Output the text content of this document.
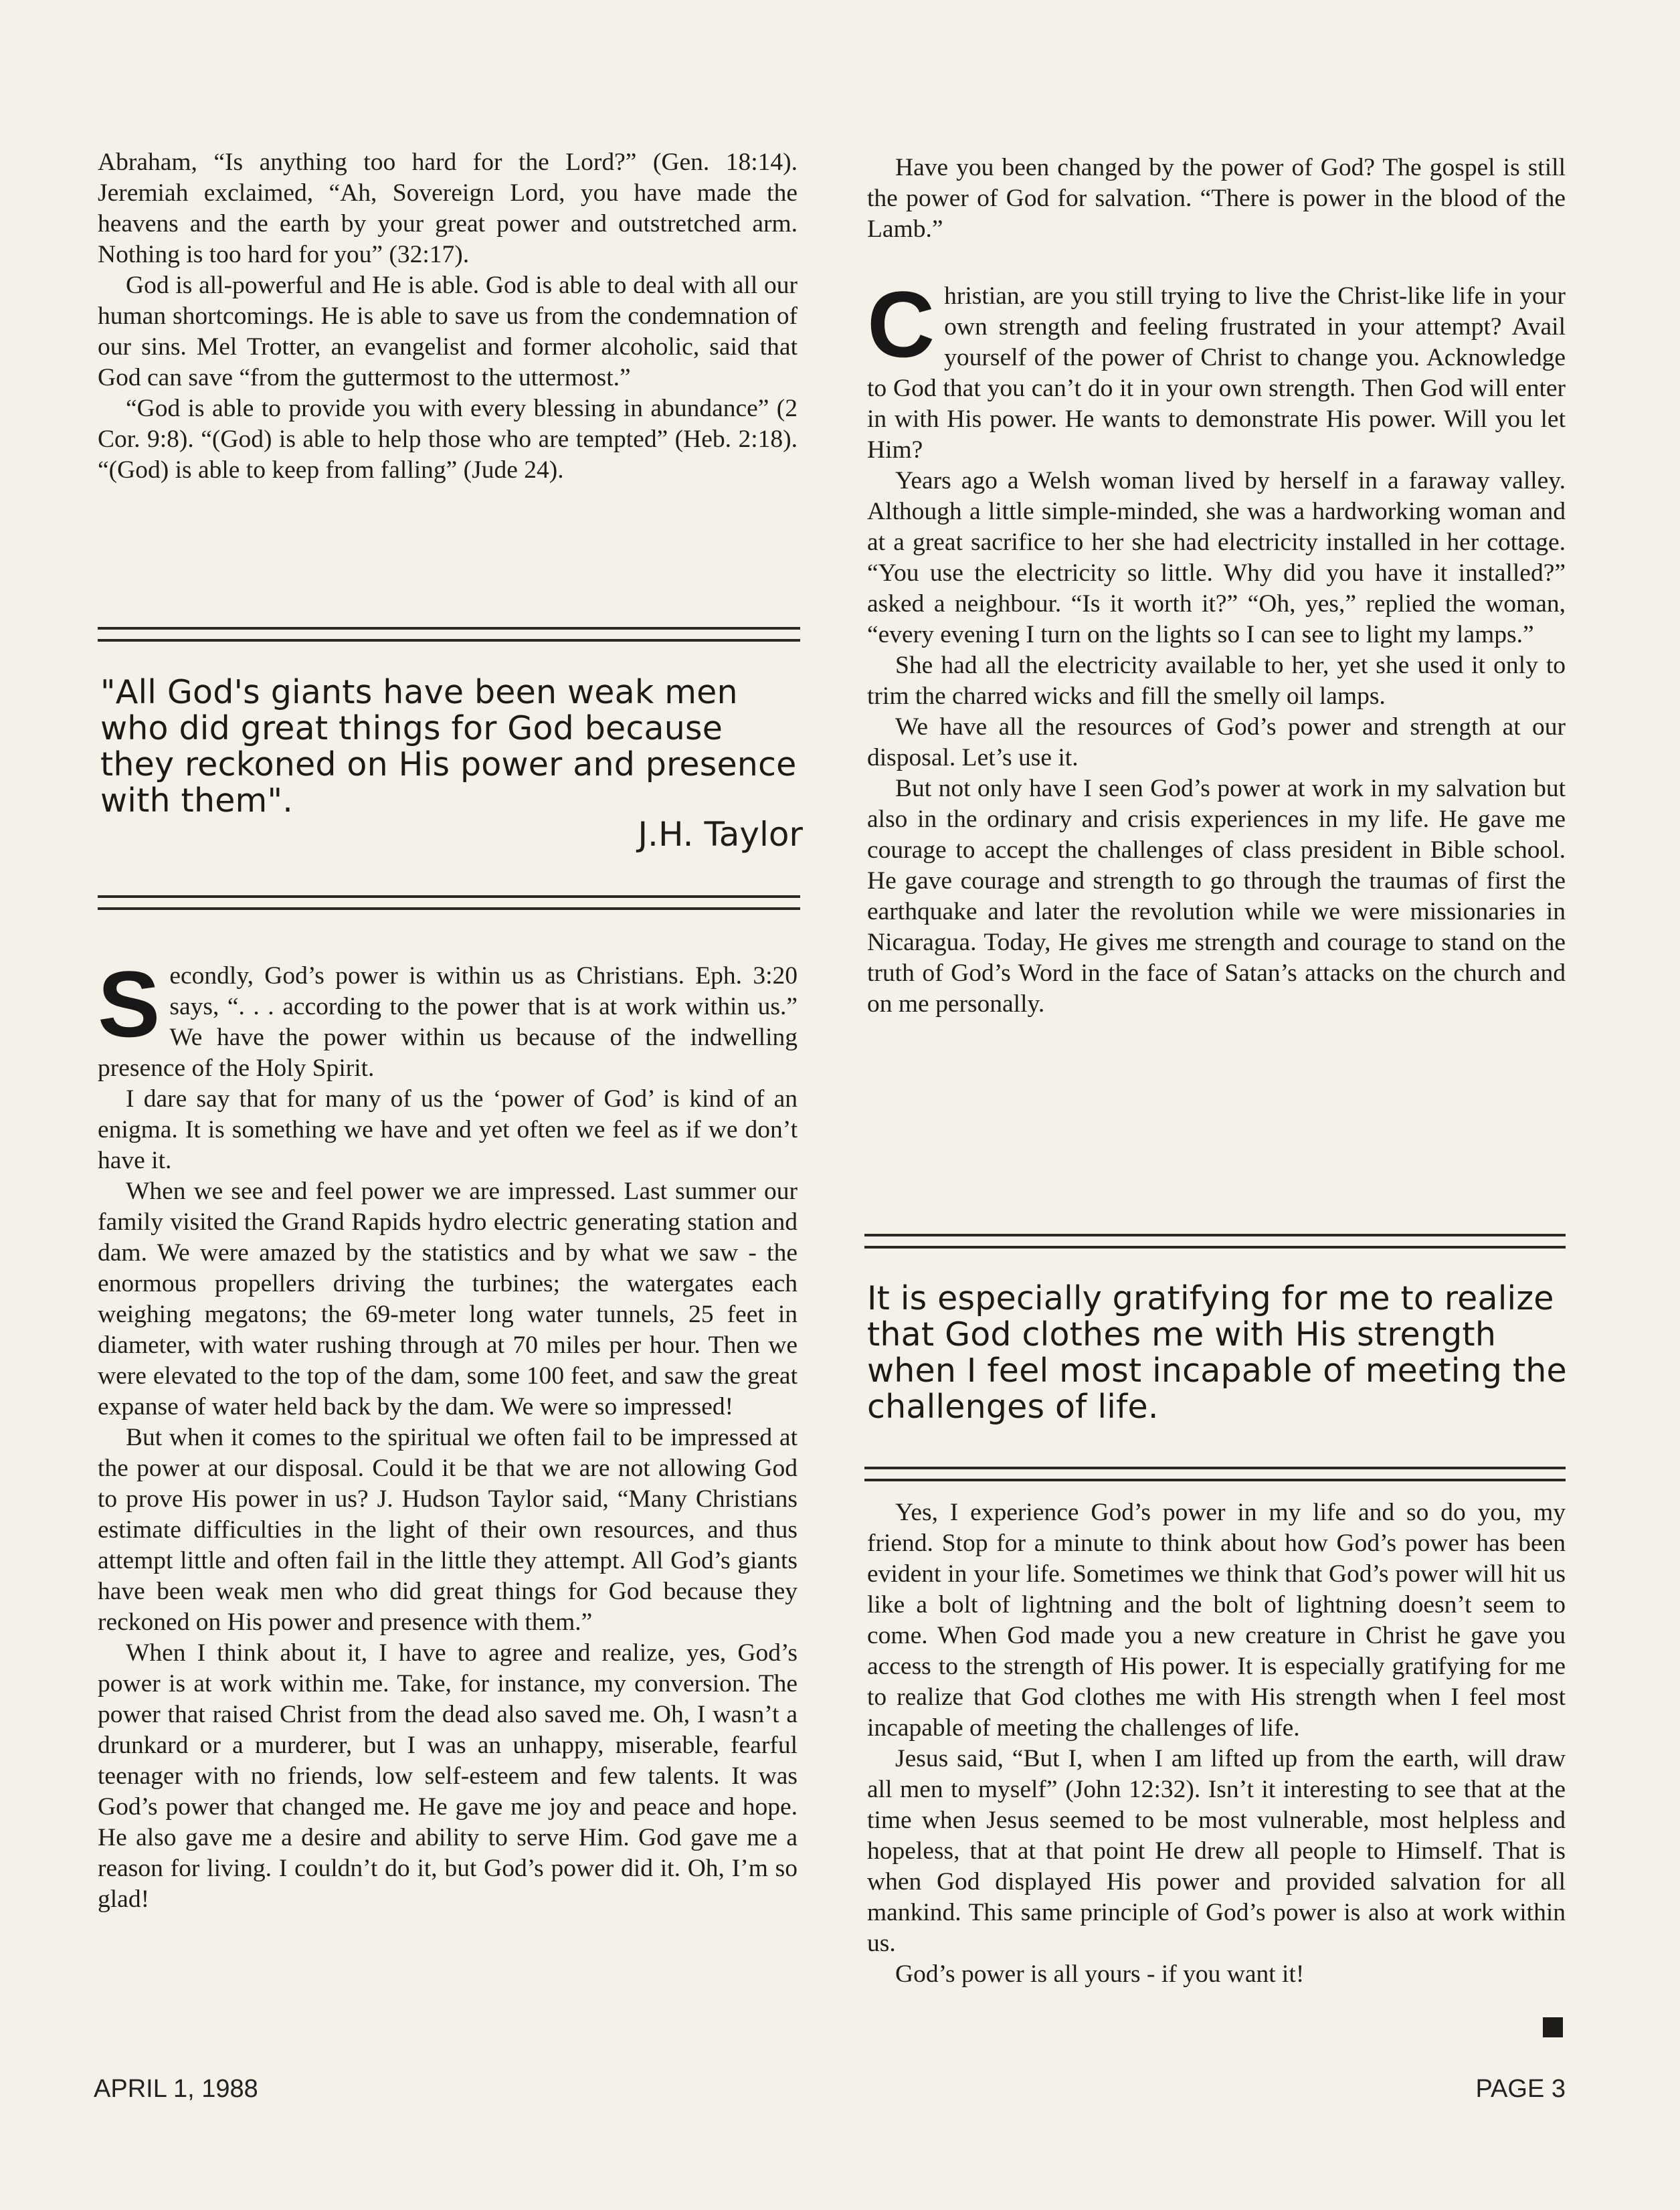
Abraham, “Is anything too hard for the Lord?” (Gen. 18:14). Jeremiah exclaimed, “Ah, Sovereign Lord, you have made the heavens and the earth by your great power and outstretched arm. Nothing is too hard for you” (32:17).

God is all-powerful and He is able. God is able to deal with all our human shortcomings. He is able to save us from the condemnation of our sins. Mel Trotter, an evangelist and former alcoholic, said that God can save “from the guttermost to the uttermost.”

“God is able to provide you with every blessing in abundance” (2 Cor. 9:8). “(God) is able to help those who are tempted” (Heb. 2:18). “(God) is able to keep from falling” (Jude 24).

"All God's giants have been weak men who did great things for God because they reckoned on His power and presence with them".
J.H. Taylor

Secondly, God’s power is within us as Christians. Eph. 3:20 says, “. . . according to the power that is at work within us.” We have the power within us because of the indwelling presence of the Holy Spirit.

I dare say that for many of us the ‘power of God’ is kind of an enigma. It is something we have and yet often we feel as if we don’t have it.

When we see and feel power we are impressed. Last summer our family visited the Grand Rapids hydro electric generating station and dam. We were amazed by the statistics and by what we saw - the enormous propellers driving the turbines; the watergates each weighing megatons; the 69-meter long water tunnels, 25 feet in diameter, with water rushing through at 70 miles per hour. Then we were elevated to the top of the dam, some 100 feet, and saw the great expanse of water held back by the dam. We were so impressed!

But when it comes to the spiritual we often fail to be impressed at the power at our disposal. Could it be that we are not allowing God to prove His power in us? J. Hudson Taylor said, “Many Christians estimate difficulties in the light of their own resources, and thus attempt little and often fail in the little they attempt. All God’s giants have been weak men who did great things for God because they reckoned on His power and presence with them.”

When I think about it, I have to agree and realize, yes, God’s power is at work within me. Take, for instance, my conversion. The power that raised Christ from the dead also saved me. Oh, I wasn’t a drunkard or a murderer, but I was an unhappy, miserable, fearful teenager with no friends, low self-esteem and few talents. It was God’s power that changed me. He gave me joy and peace and hope. He also gave me a desire and ability to serve Him. God gave me a reason for living. I couldn’t do it, but God’s power did it. Oh, I’m so glad!

Have you been changed by the power of God? The gospel is still the power of God for salvation. “There is power in the blood of the Lamb.”

Christian, are you still trying to live the Christ-like life in your own strength and feeling frustrated in your attempt? Avail yourself of the power of Christ to change you. Acknowledge to God that you can’t do it in your own strength. Then God will enter in with His power. He wants to demonstrate His power. Will you let Him?

Years ago a Welsh woman lived by herself in a faraway valley. Although a little simple-minded, she was a hardworking woman and at a great sacrifice to her she had electricity installed in her cottage. “You use the electricity so little. Why did you have it installed?” asked a neighbour. “Is it worth it?” “Oh, yes,” replied the woman, “every evening I turn on the lights so I can see to light my lamps.”

She had all the electricity available to her, yet she used it only to trim the charred wicks and fill the smelly oil lamps.

We have all the resources of God’s power and strength at our disposal. Let’s use it.

But not only have I seen God’s power at work in my salvation but also in the ordinary and crisis experiences in my life. He gave me courage to accept the challenges of class president in Bible school. He gave courage and strength to go through the traumas of first the earthquake and later the revolution while we were missionaries in Nicaragua. Today, He gives me strength and courage to stand on the truth of God’s Word in the face of Satan’s attacks on the church and on me personally.

It is especially gratifying for me to realize that God clothes me with His strength when I feel most incapable of meeting the challenges of life.

Yes, I experience God’s power in my life and so do you, my friend. Stop for a minute to think about how God’s power has been evident in your life. Sometimes we think that God’s power will hit us like a bolt of lightning and the bolt of lightning doesn’t seem to come. When God made you a new creature in Christ he gave you access to the strength of His power. It is especially gratifying for me to realize that God clothes me with His strength when I feel most incapable of meeting the challenges of life.

Jesus said, “But I, when I am lifted up from the earth, will draw all men to myself” (John 12:32). Isn’t it interesting to see that at the time when Jesus seemed to be most vulnerable, most helpless and hopeless, that at that point He drew all people to Himself. That is when God displayed His power and provided salvation for all mankind. This same principle of God’s power is also at work within us.

God’s power is all yours - if you want it!

APRIL 1, 1988	PAGE 3
